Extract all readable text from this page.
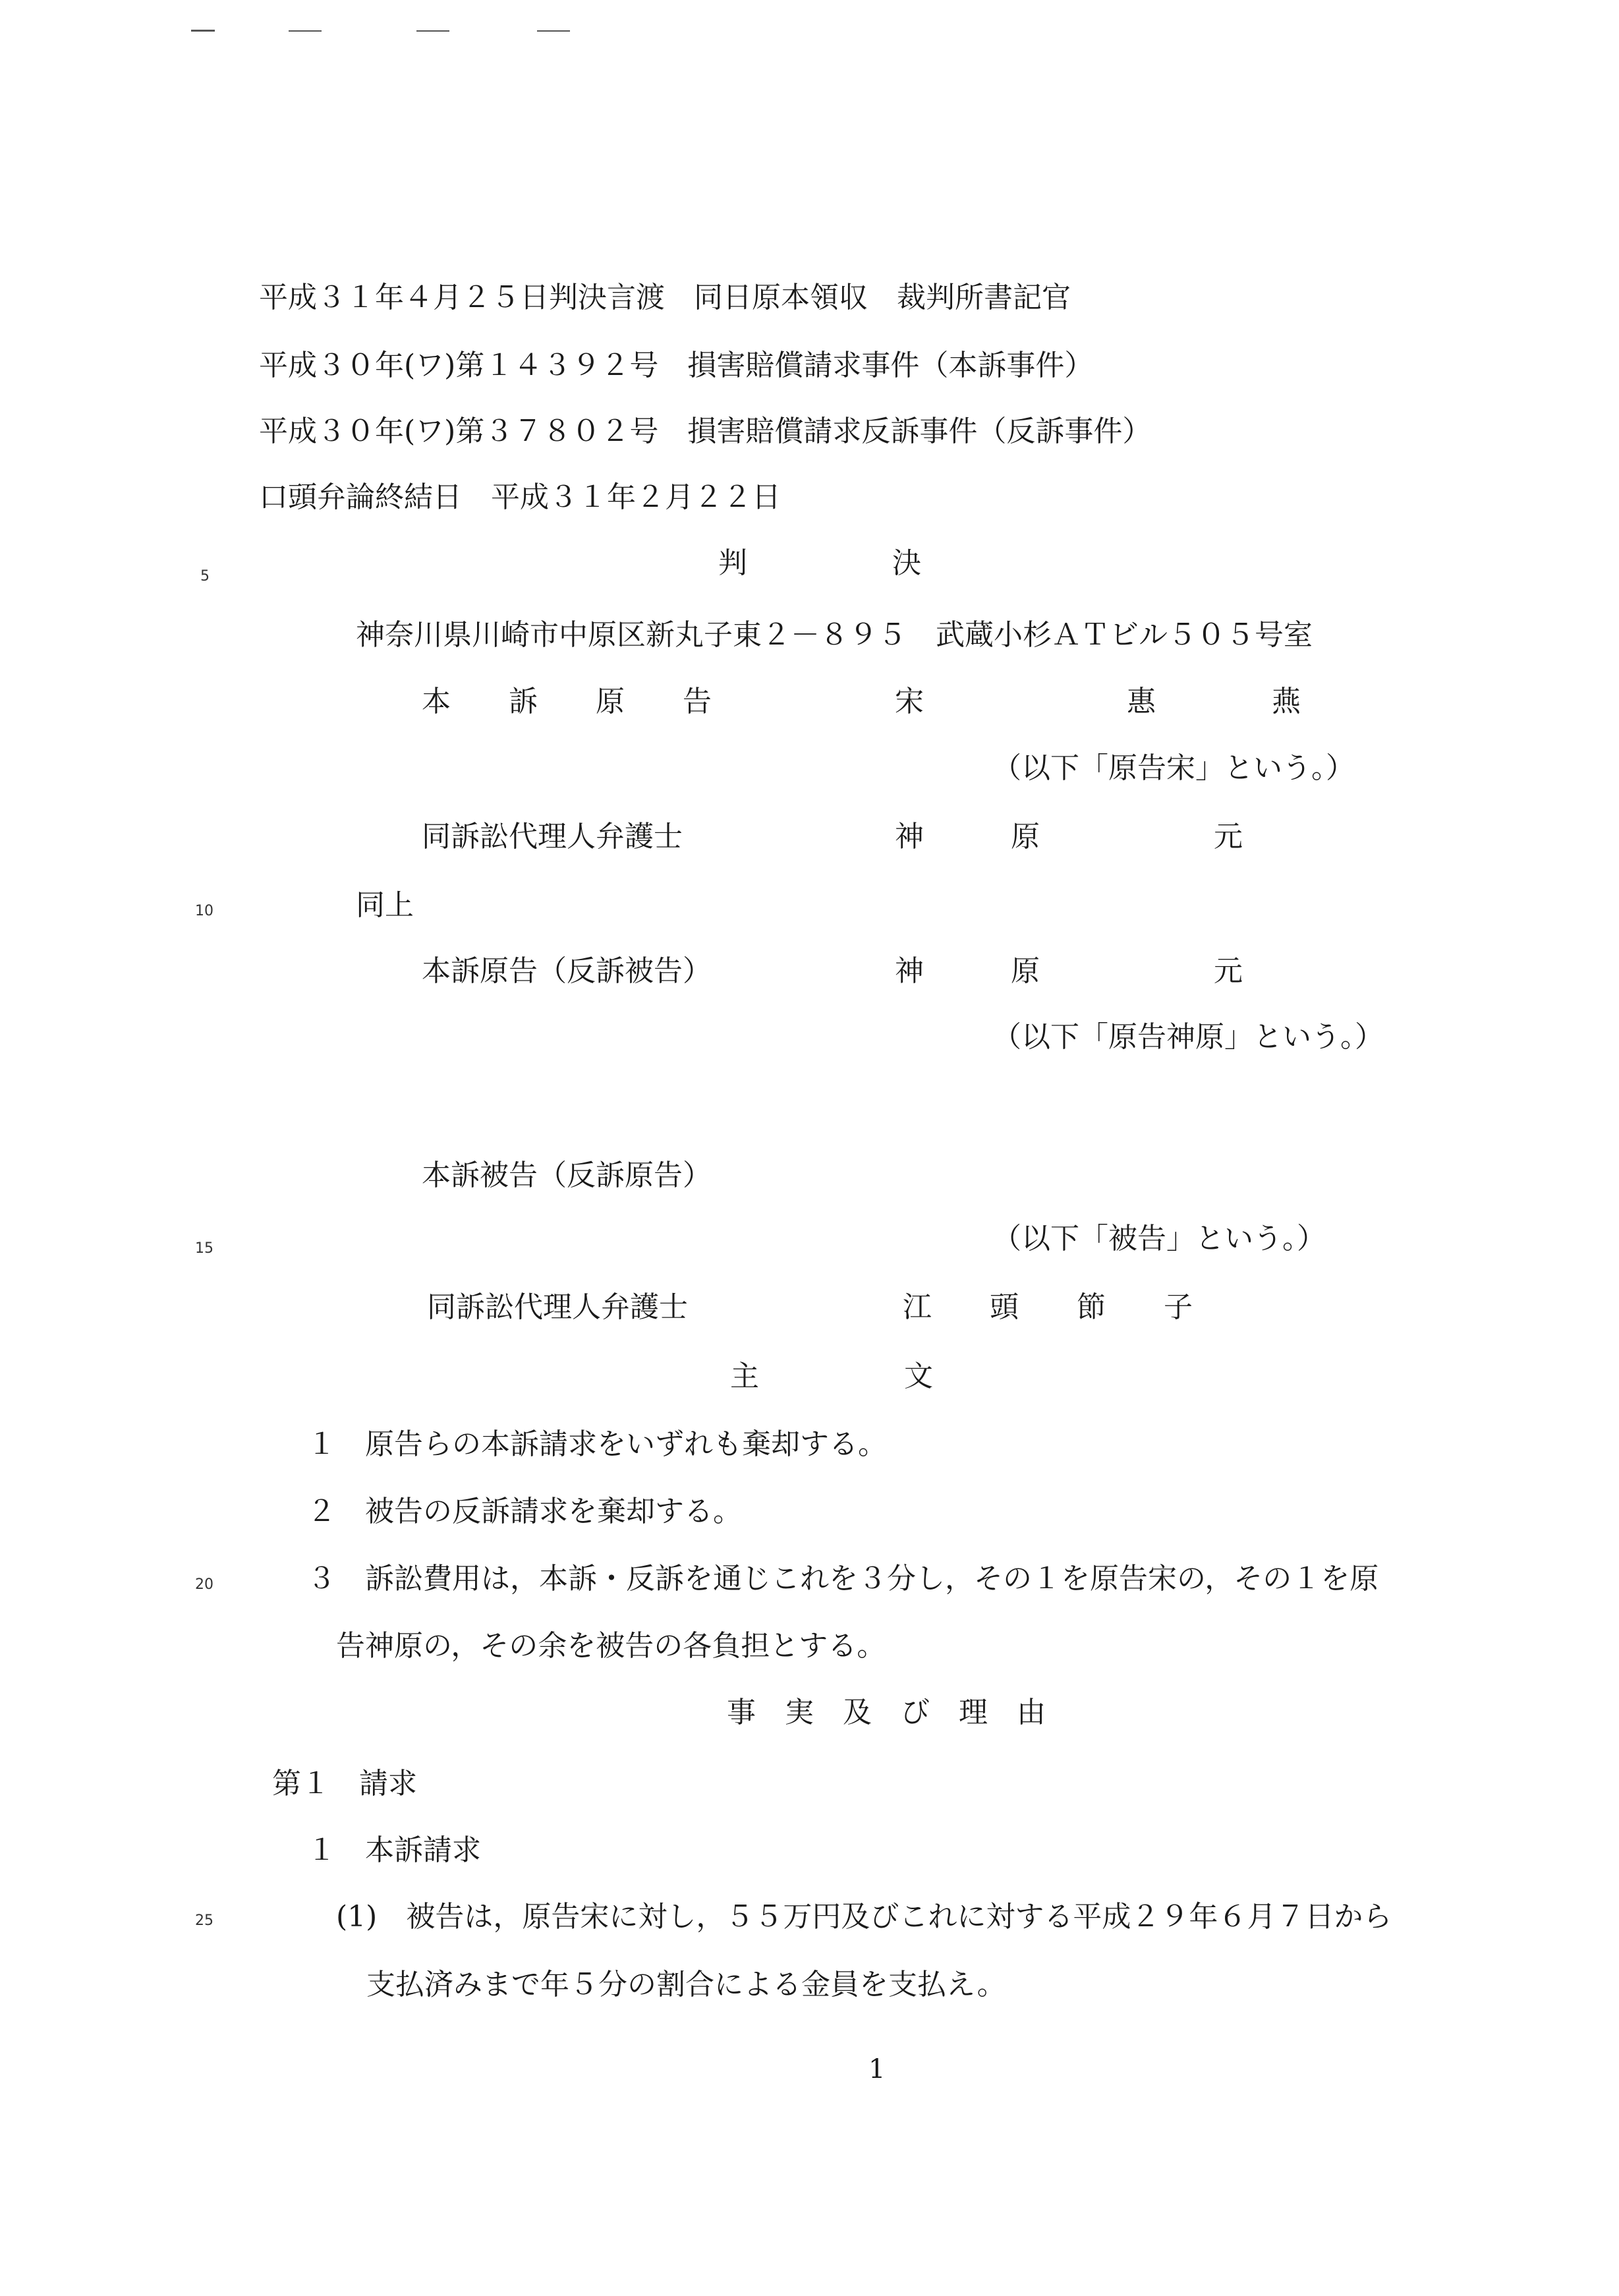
平成３１年４月２５日判決言渡　同日原本領収　裁判所書記官
平成３０年(ワ)第１４３９２号　損害賠償請求事件（本訴事件）
平成３０年(ワ)第３７８０２号　損害賠償請求反訴事件（反訴事件）
口頭弁論終結日　平成３１年２月２２日
5
10
15
20
25
判　　　　　決
神奈川県川崎市中原区新丸子東２－８９５　武蔵小杉ＡＴビル５０５号室
本　　訴　　原　　告	宋　　　　　　　惠　　　　燕
（以下「原告宋」という。）
同訴訟代理人弁護士	神　　　原　　　　　　元
同上
本訴原告（反訴被告）	神　　　原　　　　　　元
（以下「原告神原」という。）
本訴被告（反訴原告）
（以下「被告」という。）
同訴訟代理人弁護士	江　　頭　　節　　子
主　　　　　文
１　原告らの本訴請求をいずれも棄却する。
２　被告の反訴請求を棄却する。
３　訴訟費用は，本訴・反訴を通じこれを３分し，その１を原告宋の，その１を原
告神原の，その余を被告の各負担とする。
事　実　及　び　理　由
第１　請求
１　本訴請求
(1)　被告は，原告宋に対し，５５万円及びこれに対する平成２９年６月７日から
支払済みまで年５分の割合による金員を支払え。
1
